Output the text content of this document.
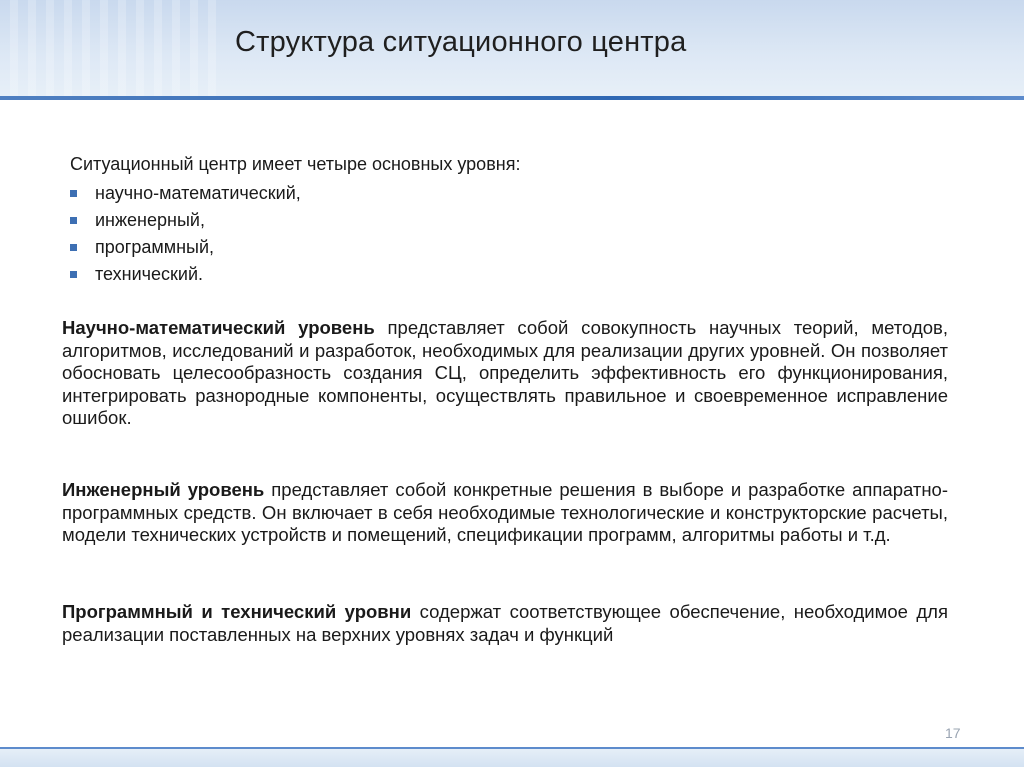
Структура ситуационного центра
Ситуационный центр имеет четыре основных уровня:
научно-математический,
инженерный,
программный,
технический.
Научно-математический уровень представляет собой совокупность научных теорий, методов, алгоритмов, исследований и разработок, необходимых для реализации других уровней. Он позволяет обосновать целесообразность создания СЦ, определить эффективность его функционирования, интегрировать разнородные компоненты, осуществлять правильное и своевременное исправление ошибок.
Инженерный уровень представляет собой конкретные решения в выборе и разработке аппаратно-программных средств. Он включает в себя необходимые технологические и конструкторские расчеты, модели технических устройств и помещений, спецификации программ, алгоритмы работы и т.д.
Программный и технический уровни содержат соответствующее обеспечение, необходимое для реализации поставленных на верхних уровнях задач и функций
17
